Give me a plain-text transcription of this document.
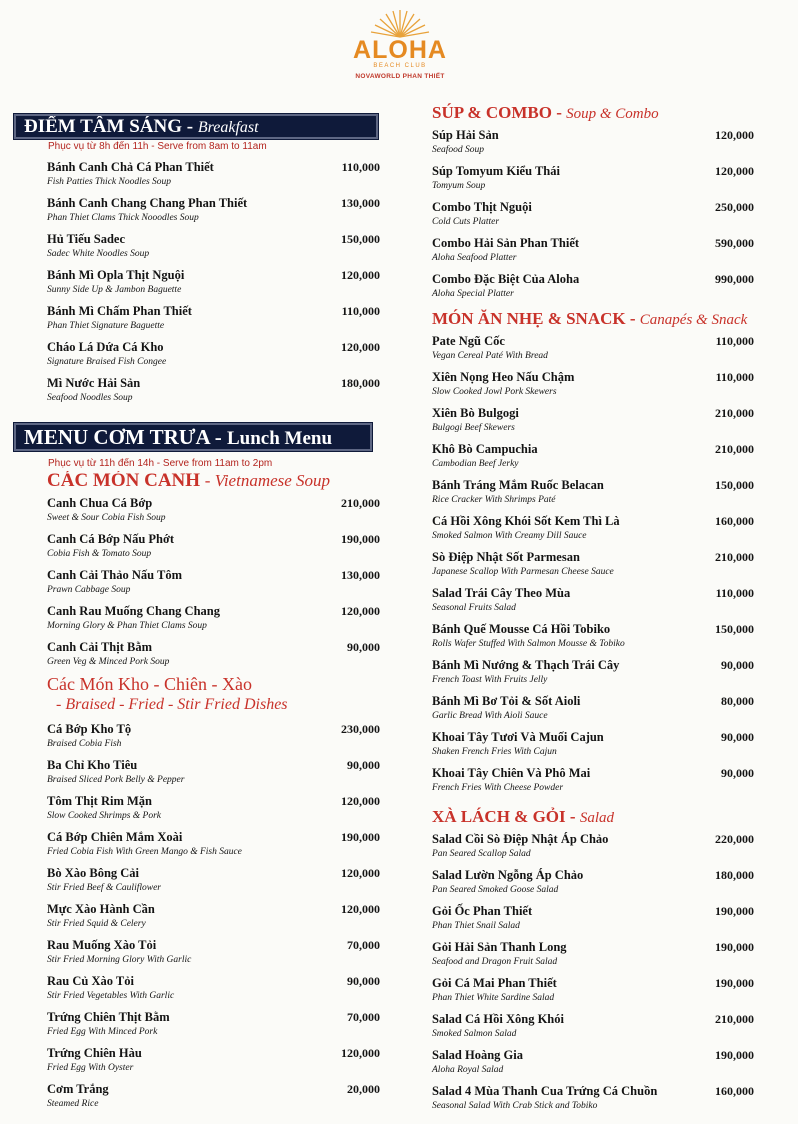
ALOHA
BEACH CLUB
NOVAWORLD PHAN THIẾT
ĐIỂM TÂM SÁNG - Breakfast
Phục vụ từ 8h đến 11h - Serve from 8am to 11am
Bánh Canh Chả Cá Phan Thiết	110,000
Fish Patties Thick Noodles Soup
Bánh Canh Chang Chang Phan Thiết	130,000
Phan Thiet Clams Thick Nooodles Soup
Hủ Tiếu Sadec	150,000
Sadec White Noodles Soup
Bánh Mì Opla Thịt Nguội	120,000
Sunny Side Up & Jambon Baguette
Bánh Mì Chấm Phan Thiết	110,000
Phan Thiet Signature Baguette
Cháo Lá Dứa Cá Kho	120,000
Signature Braised Fish Congee
Mì Nước Hải Sản	180,000
Seafood Noodles Soup
MENU CƠM TRƯA - Lunch Menu
Phục vụ từ 11h đến 14h - Serve from 11am to 2pm
CÁC MÓN CANH - Vietnamese Soup
Canh Chua Cá Bớp	210,000
Sweet & Sour Cobia Fish Soup
Canh Cá Bớp Nấu Phớt	190,000
Cobia Fish & Tomato Soup
Canh Cải Thảo Nấu Tôm	130,000
Prawn Cabbage Soup
Canh Rau Muống Chang Chang	120,000
Morning Glory & Phan Thiet Clams Soup
Canh Cải Thịt Bằm	90,000
Green Veg & Minced Pork Soup
Các Món Kho - Chiên - Xào
- Braised - Fried - Stir Fried Dishes
Cá Bớp Kho Tộ	230,000
Braised Cobia Fish
Ba Chỉ Kho Tiêu	90,000
Braised Sliced Pork Belly & Pepper
Tôm Thịt Rim Mặn	120,000
Slow Cooked Shrimps & Pork
Cá Bớp Chiên Mắm Xoài	190,000
Fried Cobia Fish With Green Mango & Fish Sauce
Bò Xào Bông Cải	120,000
Stir Fried Beef & Cauliflower
Mực Xào Hành Cần	120,000
Stir Fried Squid & Celery
Rau Muống Xào Tỏi	70,000
Stir Fried Morning Glory With Garlic
Rau Củ Xào Tỏi	90,000
Stir Fried Vegetables With Garlic
Trứng Chiên Thịt Bằm	70,000
Fried Egg With Minced Pork
Trứng Chiên Hàu	120,000
Fried Egg With Oyster
Cơm Trắng	20,000
Steamed Rice
SÚP & COMBO - Soup & Combo
Súp Hải Sản	120,000
Seafood Soup
Súp Tomyum Kiểu Thái	120,000
Tomyum Soup
Combo Thịt Nguội	250,000
Cold Cuts Platter
Combo Hải Sản Phan Thiết	590,000
Aloha Seafood Platter
Combo Đặc Biệt Của Aloha	990,000
Aloha Special Platter
MÓN ĂN NHẸ & SNACK - Canapés & Snack
Pate Ngũ Cốc	110,000
Vegan Cereal Paté With Bread
Xiên Nọng Heo Nấu Chậm	110,000
Slow Cooked Jowl Pork Skewers
Xiên Bò Bulgogi	210,000
Bulgogi Beef Skewers
Khô Bò Campuchia	210,000
Cambodian Beef Jerky
Bánh Tráng Mắm Ruốc Belacan	150,000
Rice Cracker With Shrimps Paté
Cá Hồi Xông Khói Sốt Kem Thì Là	160,000
Smoked Salmon With Creamy Dill Sauce
Sò Điệp Nhật Sốt Parmesan	210,000
Japanese Scallop With Parmesan Cheese Sauce
Salad Trái Cây Theo Mùa	110,000
Seasonal Fruits Salad
Bánh Quế Mousse Cá Hồi Tobiko	150,000
Rolls Wafer Stuffed With Salmon Mousse & Tobiko
Bánh Mì Nướng & Thạch Trái Cây	90,000
French Toast With Fruits Jelly
Bánh Mì Bơ Tỏi & Sốt Aioli	80,000
Garlic Bread With Aioli Sauce
Khoai Tây Tươi Và Muối Cajun	90,000
Shaken French Fries With Cajun
Khoai Tây Chiên Và Phô Mai	90,000
French Fries With Cheese Powder
XÀ LÁCH & GỎI - Salad
Salad Cồi Sò Điệp Nhật Áp Chảo	220,000
Pan Seared Scallop Salad
Salad Lườn Ngỗng Áp Chảo	180,000
Pan Seared Smoked Goose Salad
Gỏi Ốc Phan Thiết	190,000
Phan Thiet Snail Salad
Gỏi Hải Sản Thanh Long	190,000
Seafood and Dragon Fruit Salad
Gỏi Cá Mai Phan Thiết	190,000
Phan Thiet White Sardine Salad
Salad Cá Hồi Xông Khói	210,000
Smoked Salmon Salad
Salad Hoàng Gia	190,000
Aloha Royal Salad
Salad 4 Mùa Thanh Cua Trứng Cá Chuồn	160,000
Seasonal Salad With Crab Stick and Tobiko
